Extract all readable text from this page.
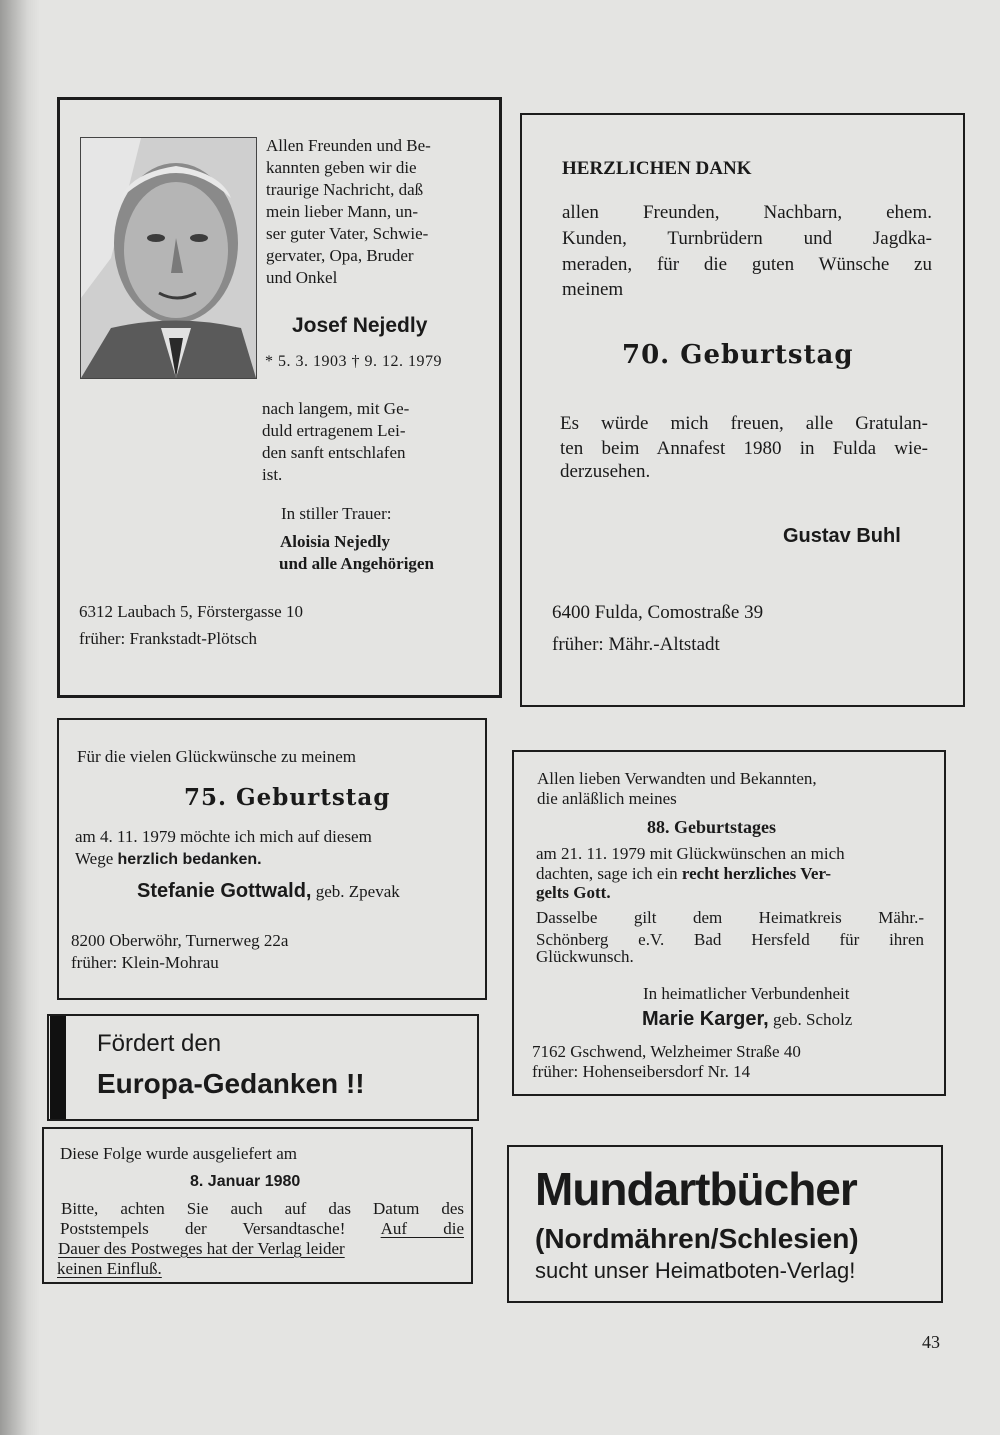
Allen Freunden und Be-

kannten geben wir die

traurige Nachricht, daß

mein lieber Mann, un-

ser guter Vater, Schwie-

gervater, Opa, Bruder

und Onkel

Josef Nejedly

* 5. 3. 1903 † 9. 12. 1979

nach langem, mit Ge-

duld ertragenem Lei-

den sanft entschlafen

ist.

In stiller Trauer:

Aloisia Nejedly

und alle Angehörigen

6312 Laubach 5, Förstergasse 10

früher: Frankstadt-Plötsch

HERZLICHEN DANK

allen Freunden, Nachbarn, ehem.

Kunden, Turnbrüdern und Jagdka-

meraden, für die guten Wünsche zu

meinem

70. Geburtstag

Es würde mich freuen, alle Gratulan-

ten beim Annafest 1980 in Fulda wie-

derzusehen.

Gustav Buhl

6400 Fulda, Comostraße 39

früher: Mähr.-Altstadt

Für die vielen Glückwünsche zu meinem

75. Geburtstag

am 4. 11. 1979 möchte ich mich auf diesem

Wege herzlich bedanken.

Stefanie Gottwald, geb. Zpevak

8200 Oberwöhr, Turnerweg 22a

früher: Klein-Mohrau

Allen lieben Verwandten und Bekannten,

die anläßlich meines

88. Geburtstages

am 21. 11. 1979 mit Glückwünschen an mich

dachten, sage ich ein recht herzliches Ver-

gelts Gott.

Dasselbe gilt dem Heimatkreis Mähr.-

Schönberg e.V. Bad Hersfeld für ihren

Glückwunsch.

In heimatlicher Verbundenheit

Marie Karger, geb. Scholz

7162 Gschwend, Welzheimer Straße 40

früher: Hohenseibersdorf Nr. 14

Fördert den

Europa-Gedanken !!

Diese Folge wurde ausgeliefert am

8. Januar 1980

Bitte, achten Sie auch auf das Datum des

Poststempels der Versandtasche! Auf die

Dauer des Postweges hat der Verlag leider

keinen Einfluß.

Mundartbücher

(Nordmähren/Schlesien)

sucht unser Heimatboten-Verlag!

43
